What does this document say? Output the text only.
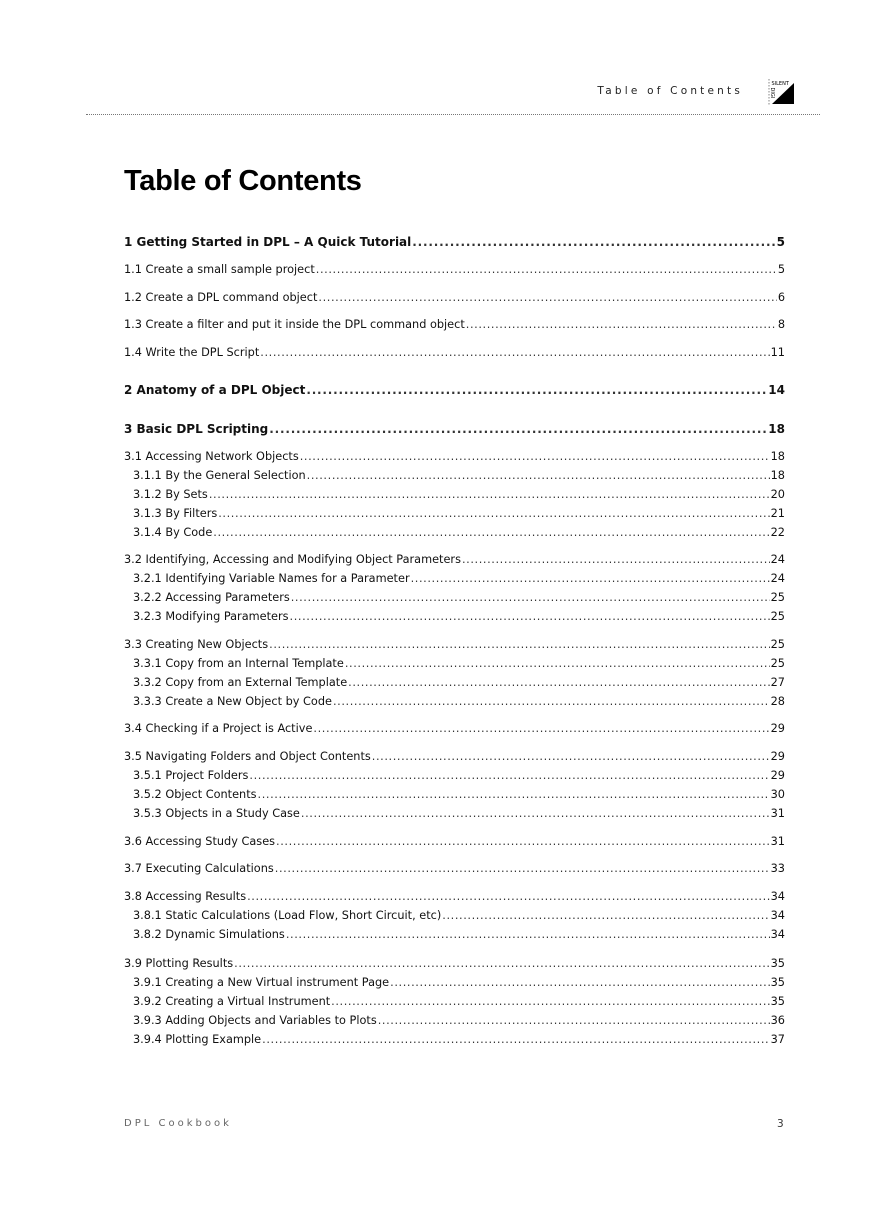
Table of Contents
SILENT
DIGI
Table of Contents
1 Getting Started in DPL – A Quick Tutorial .....	5
1.1 Create a small sample project .....	5
1.2 Create a DPL command object .....	6
1.3 Create a filter and put it inside the DPL command object .....	8
1.4 Write the DPL Script .....	11
2 Anatomy of a DPL Object .....	14
3 Basic DPL Scripting .....	18
3.1 Accessing Network Objects .....	18
3.1.1 By the General Selection .....	18
3.1.2 By Sets .....	20
3.1.3 By Filters .....	21
3.1.4 By Code .....	22
3.2 Identifying, Accessing and Modifying Object Parameters .....	24
3.2.1 Identifying Variable Names for a Parameter .....	24
3.2.2 Accessing Parameters .....	25
3.2.3 Modifying Parameters .....	25
3.3 Creating New Objects .....	25
3.3.1 Copy from an Internal Template .....	25
3.3.2 Copy from an External Template .....	27
3.3.3 Create a New Object by Code .....	28
3.4 Checking if a Project is Active .....	29
3.5 Navigating Folders and Object Contents .....	29
3.5.1 Project Folders .....	29
3.5.2 Object Contents .....	30
3.5.3 Objects in a Study Case .....	31
3.6 Accessing Study Cases .....	31
3.7 Executing Calculations .....	33
3.8 Accessing Results .....	34
3.8.1 Static Calculations (Load Flow, Short Circuit, etc) .....	34
3.8.2 Dynamic Simulations .....	34
3.9 Plotting Results .....	35
3.9.1 Creating a New Virtual instrument Page .....	35
3.9.2 Creating a Virtual Instrument .....	35
3.9.3 Adding Objects and Variables to Plots .....	36
3.9.4 Plotting Example .....	37
DPL Cookbook	3
